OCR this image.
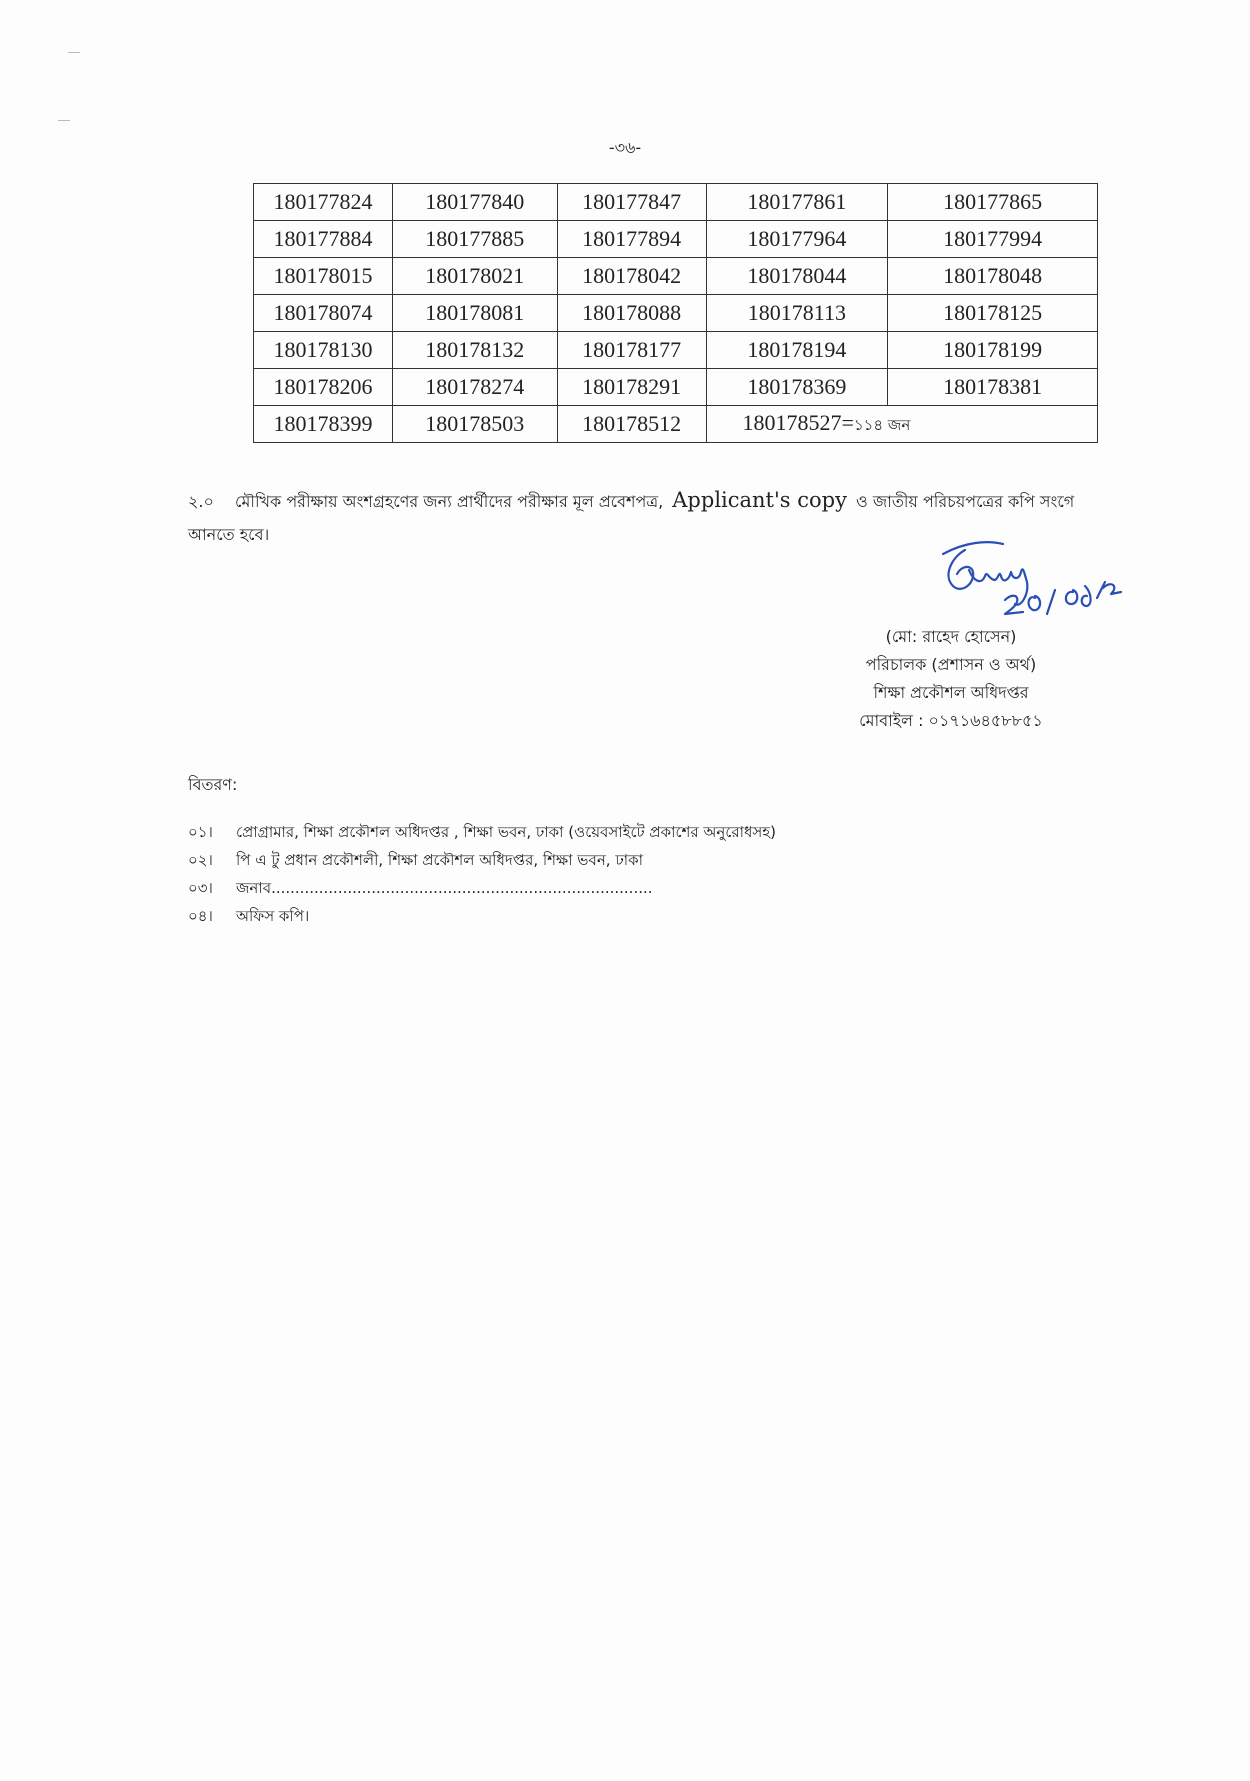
-৩৬-
180177824	180177840	180177847	180177861	180177865
180177884	180177885	180177894	180177964	180177994
180178015	180178021	180178042	180178044	180178048
180178074	180178081	180178088	180178113	180178125
180178130	180178132	180178177	180178194	180178199
180178206	180178274	180178291	180178369	180178381
180178399	180178503	180178512	180178527=১১৪ জন	
২.০ মৌখিক পরীক্ষায় অংশগ্রহণের জন্য প্রার্থীদের পরীক্ষার মূল প্রবেশপত্র, Applicant's copy ও জাতীয় পরিচয়পত্রের কপি সংগে আনতে হবে।	Husen
(মো: রাহেদ হোসেন)
পরিচালক (প্রশাসন ও অর্থ)
শিক্ষা প্রকৌশল অধিদপ্তর
মোবাইল : ০১৭১৬৪৫৮৮৫১
বিতরণ:
০১। প্রোগ্রামার, শিক্ষা প্রকৌশল অধিদপ্তর , শিক্ষা ভবন, ঢাকা (ওয়েবসাইটে প্রকাশের অনুরোধসহ)
০২। পি এ টু প্রধান প্রকৌশলী, শিক্ষা প্রকৌশল অধিদপ্তর, শিক্ষা ভবন, ঢাকা
০৩। জনাব................................................................................
০৪। অফিস কপি।
